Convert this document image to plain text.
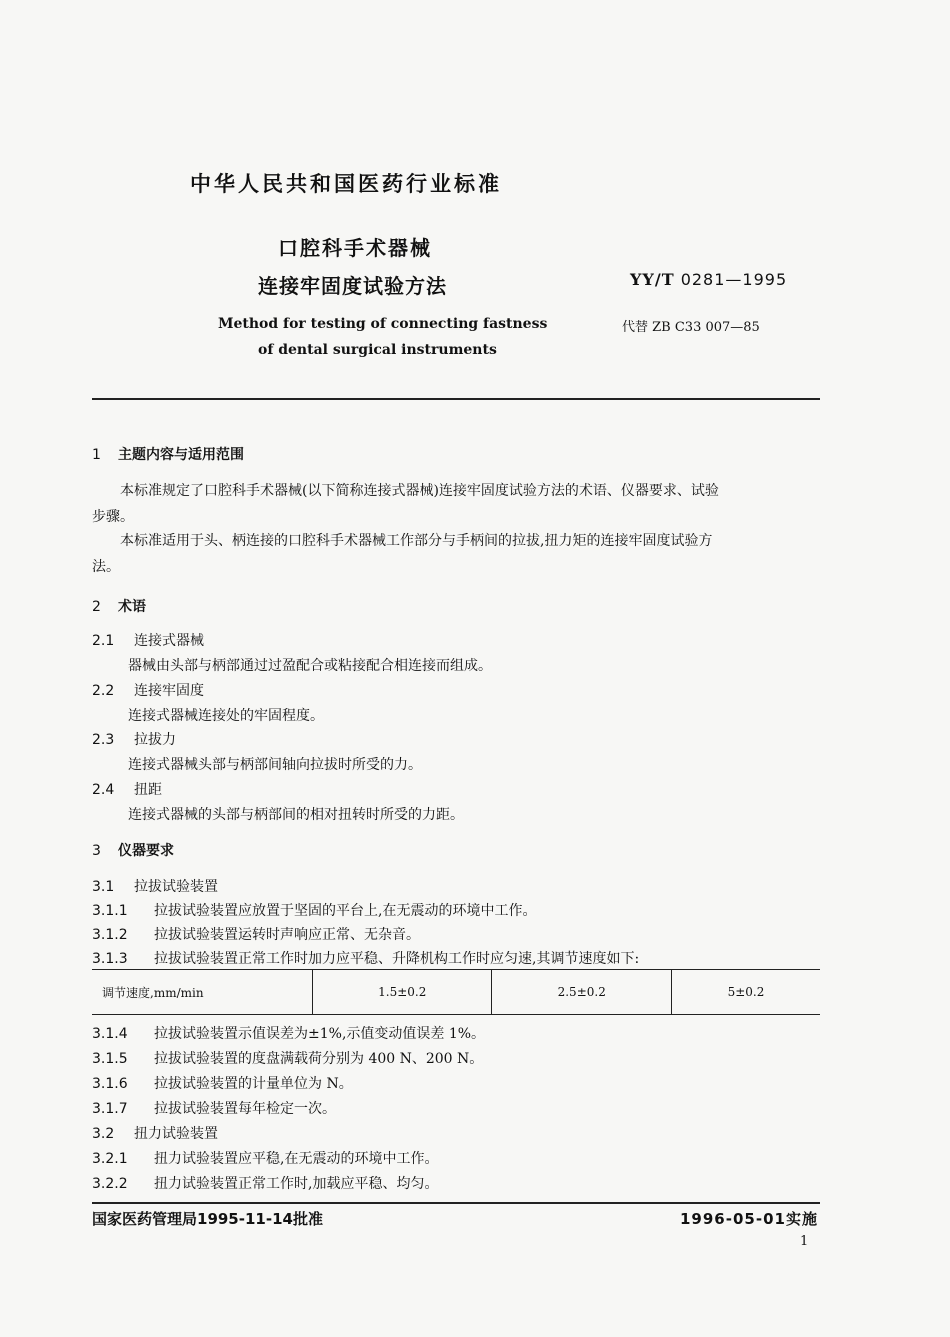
中华人民共和国医药行业标准
口腔科手术器械
连接牢固度试验方法	YY/T 0281—1995
Method for testing of connecting fastness
of dental surgical instruments
代替 ZB C33 007—85
1 主题内容与适用范围
本标准规定了口腔科手术器械(以下简称连接式器械)连接牢固度试验方法的术语、仪器要求、试验
步骤。
本标准适用于头、柄连接的口腔科手术器械工作部分与手柄间的拉拔,扭力矩的连接牢固度试验方
法。
2 术语
2.1 连接式器械
器械由头部与柄部通过过盈配合或粘接配合相连接而组成。
2.2 连接牢固度
连接式器械连接处的牢固程度。
2.3 拉拔力
连接式器械头部与柄部间轴向拉拔时所受的力。
2.4 扭距
连接式器械的头部与柄部间的相对扭转时所受的力距。
3 仪器要求
3.1 拉拔试验装置
3.1.1 拉拔试验装置应放置于坚固的平台上,在无震动的环境中工作。
3.1.2 拉拔试验装置运转时声响应正常、无杂音。
3.1.3 拉拔试验装置正常工作时加力应平稳、升降机构工作时应匀速,其调节速度如下:
调节速度,mm/min	1.5±0.2	2.5±0.2	5±0.2
3.1.4 拉拔试验装置示值误差为±1%,示值变动值误差 1%。
3.1.5 拉拔试验装置的度盘满载荷分别为 400 N、200 N。
3.1.6 拉拔试验装置的计量单位为 N。
3.1.7 拉拔试验装置每年检定一次。
3.2 扭力试验装置
3.2.1 扭力试验装置应平稳,在无震动的环境中工作。
3.2.2 扭力试验装置正常工作时,加载应平稳、均匀。
国家医药管理局1995-11-14批准	1996-05-01实施
1
